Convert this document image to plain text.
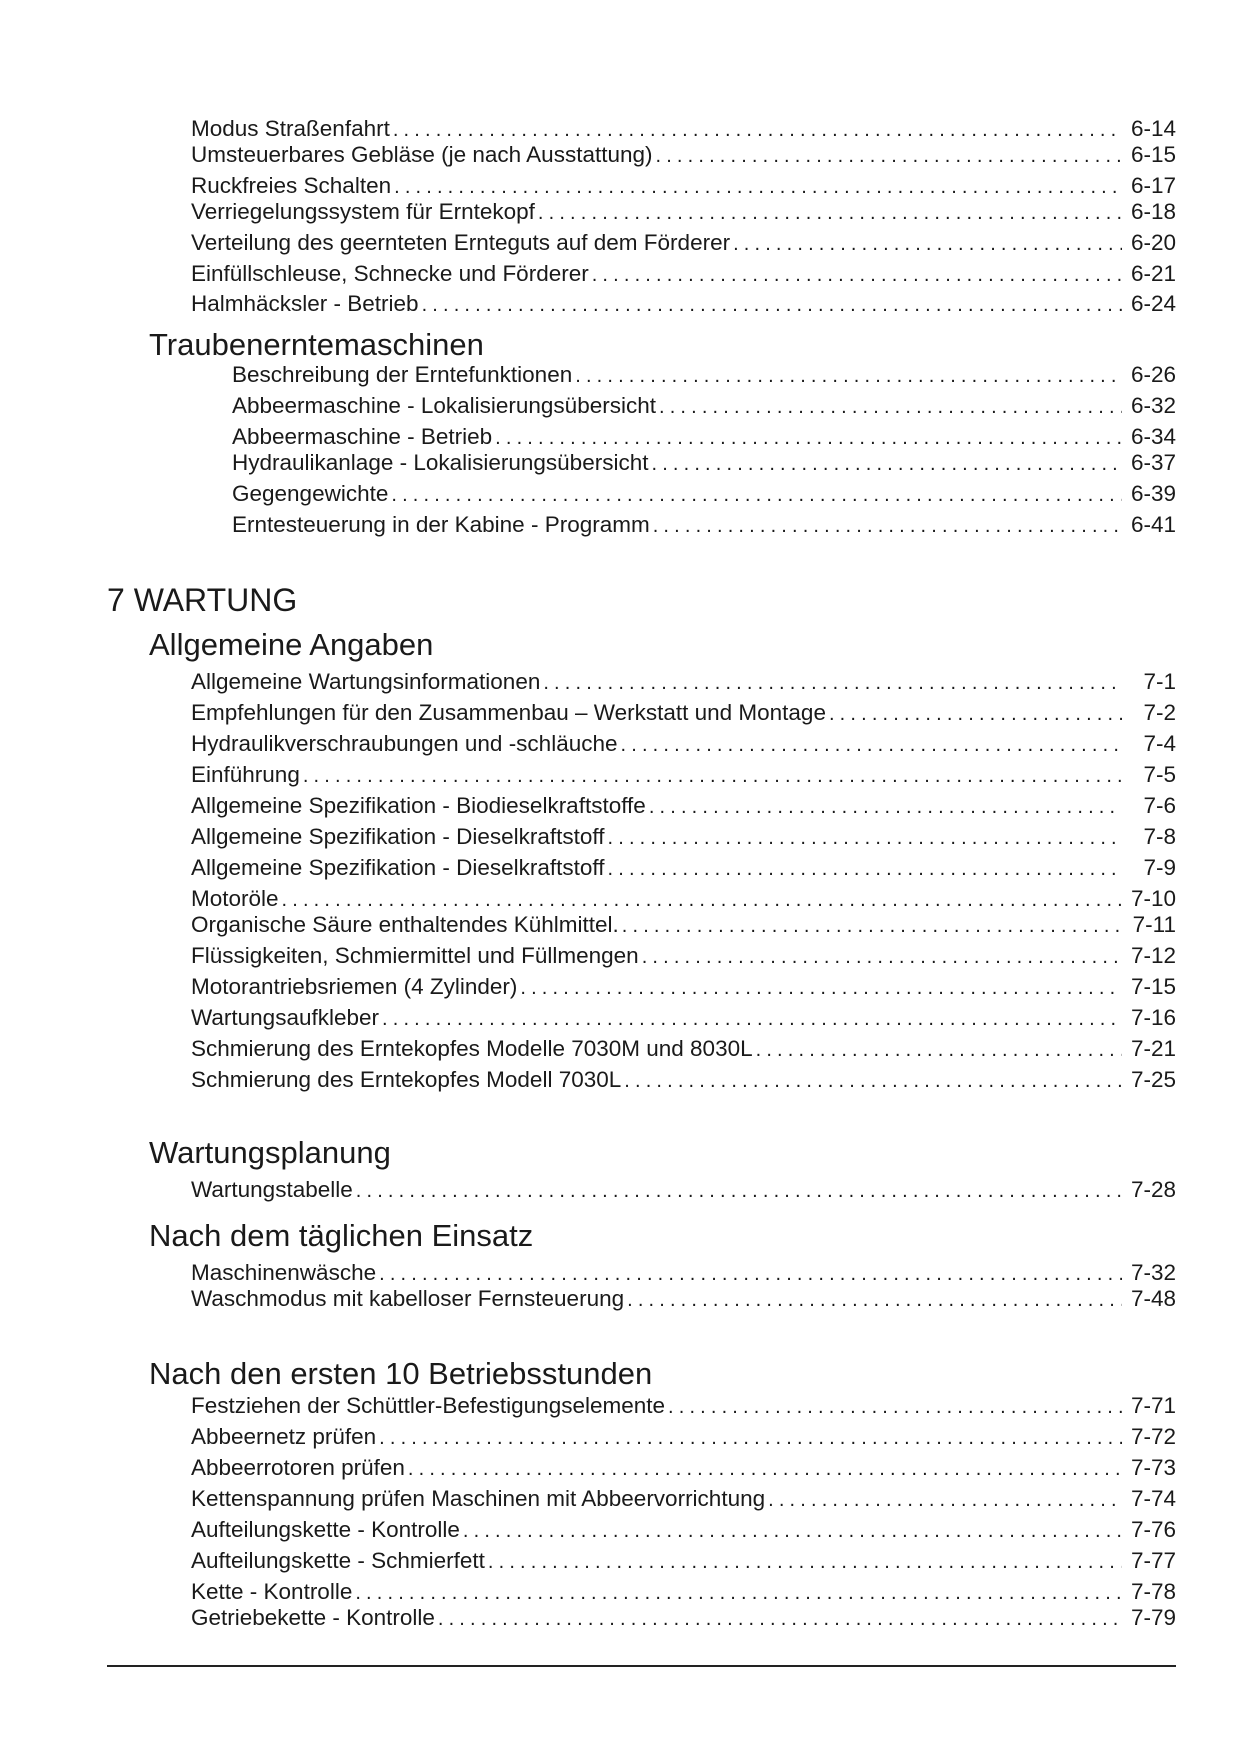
Modus Straßenfahrt . . .	6-14
Umsteuerbares Gebläse (je nach Ausstattung) . . .	6-15
Ruckfreies Schalten . . .	6-17
Verriegelungssystem für Erntekopf . . .	6-18
Verteilung des geernteten Ernteguts auf dem Förderer . . .	6-20
Einfüllschleuse, Schnecke und Förderer . . .	6-21
Halmhäcksler - Betrieb . . .	6-24
Traubenerntemaschinen
Beschreibung der Erntefunktionen . . .	6-26
Abbeermaschine - Lokalisierungsübersicht . . .	6-32
Abbeermaschine - Betrieb . . .	6-34
Hydraulikanlage - Lokalisierungsübersicht . . .	6-37
Gegengewichte . . .	6-39
Erntesteuerung in der Kabine - Programm . . .	6-41
7 WARTUNG
Allgemeine Angaben
Allgemeine Wartungsinformationen . . .	7-1
Empfehlungen für den Zusammenbau – Werkstatt und Montage . . .	7-2
Hydraulikverschraubungen und -schläuche . . .	7-4
Einführung . . .	7-5
Allgemeine Spezifikation - Biodieselkraftstoffe . . .	7-6
Allgemeine Spezifikation - Dieselkraftstoff . . .	7-8
Allgemeine Spezifikation - Dieselkraftstoff . . .	7-9
Motoröle . . .	7-10
Organische Säure enthaltendes Kühlmittel. . . .	7-11
Flüssigkeiten, Schmiermittel und Füllmengen . . .	7-12
Motorantriebsriemen (4 Zylinder) . . .	7-15
Wartungsaufkleber . . .	7-16
Schmierung des Erntekopfes Modelle 7030M und 8030L . . .	7-21
Schmierung des Erntekopfes Modell 7030L . . .	7-25
Wartungsplanung
Wartungstabelle . . .	7-28
Nach dem täglichen Einsatz
Maschinenwäsche . . .	7-32
Waschmodus mit kabelloser Fernsteuerung . . .	7-48
Nach den ersten 10 Betriebsstunden
Festziehen der Schüttler-Befestigungselemente . . .	7-71
Abbeernetz prüfen . . .	7-72
Abbeerrotoren prüfen . . .	7-73
Kettenspannung prüfen Maschinen mit Abbeervorrichtung . . .	7-74
Aufteilungskette - Kontrolle . . .	7-76
Aufteilungskette - Schmierfett . . .	7-77
Kette - Kontrolle . . .	7-78
Getriebekette - Kontrolle . . .	7-79
